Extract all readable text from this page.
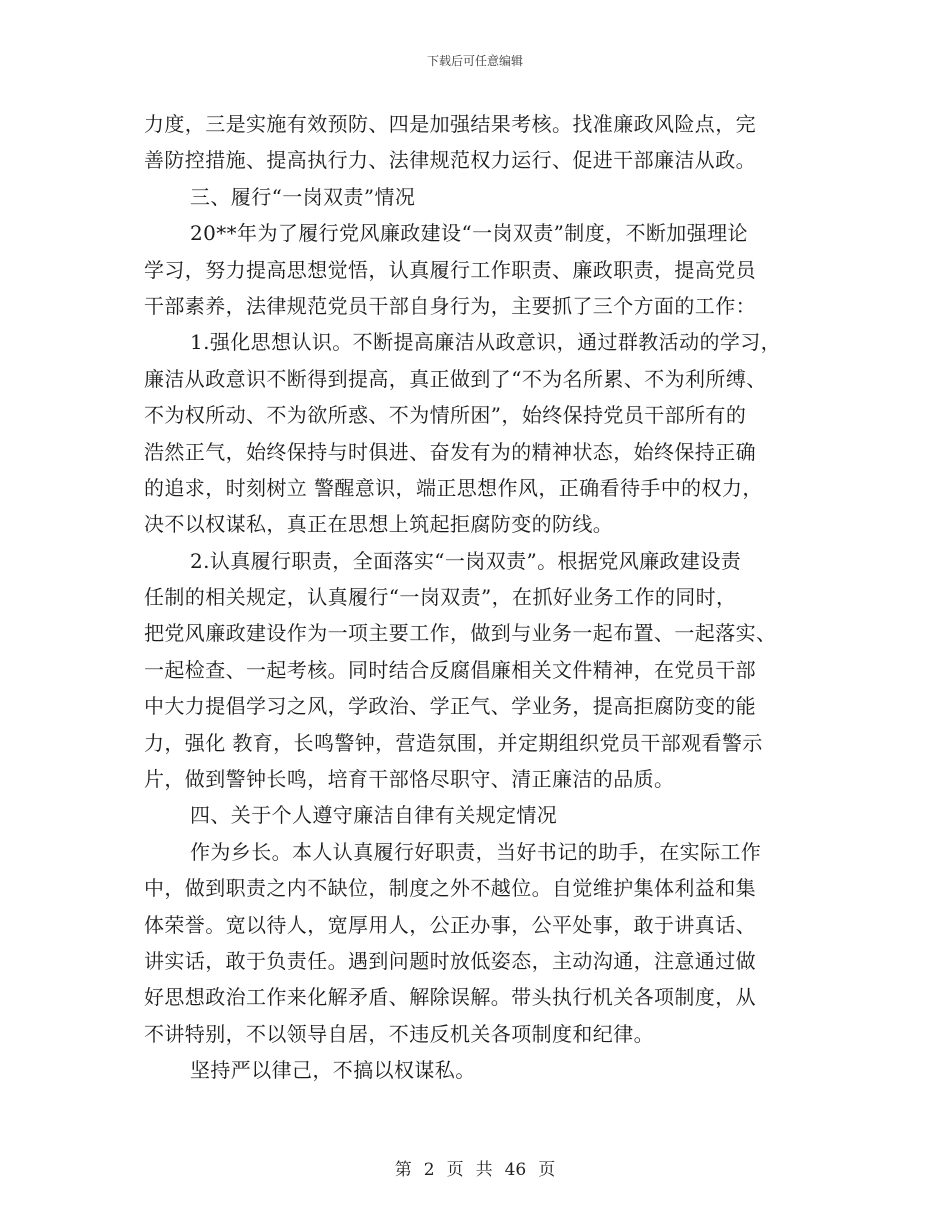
下载后可任意编辑
力度，三是实施有效预防、四是加强结果考核。找准廉政风险点，完
善防控措施、提高执行力、法律规范权力运行、促进干部廉洁从政。
三、履行“一岗双责”情况
20**年为了履行党风廉政建设“一岗双责”制度，不断加强理论
学习，努力提高思想觉悟，认真履行工作职责、廉政职责，提高党员
干部素养，法律规范党员干部自身行为，主要抓了三个方面的工作：
1.强化思想认识。不断提高廉洁从政意识，通过群教活动的学习，
廉洁从政意识不断得到提高，真正做到了“不为名所累、不为利所缚、
不为权所动、不为欲所惑、不为情所困”，始终保持党员干部所有的
浩然正气，始终保持与时俱进、奋发有为的精神状态，始终保持正确
的追求，时刻树立 警醒意识，端正思想作风，正确看待手中的权力，
决不以权谋私，真正在思想上筑起拒腐防变的防线。
2.认真履行职责，全面落实“一岗双责”。根据党风廉政建设责
任制的相关规定，认真履行“一岗双责”，在抓好业务工作的同时，
把党风廉政建设作为一项主要工作，做到与业务一起布置、一起落实、
一起检查、一起考核。同时结合反腐倡廉相关文件精神，在党员干部
中大力提倡学习之风，学政治、学正气、学业务，提高拒腐防变的能
力，强化 教育，长鸣警钟，营造氛围，并定期组织党员干部观看警示
片，做到警钟长鸣，培育干部恪尽职守、清正廉洁的品质。
四、关于个人遵守廉洁自律有关规定情况
作为乡长。本人认真履行好职责，当好书记的助手，在实际工作
中，做到职责之内不缺位，制度之外不越位。自觉维护集体利益和集
体荣誉。宽以待人，宽厚用人，公正办事，公平处事，敢于讲真话、
讲实话，敢于负责任。遇到问题时放低姿态，主动沟通，注意通过做
好思想政治工作来化解矛盾、解除误解。带头执行机关各项制度，从
不讲特别，不以领导自居，不违反机关各项制度和纪律。
坚持严以律己，不搞以权谋私。
第 2 页 共 46 页
